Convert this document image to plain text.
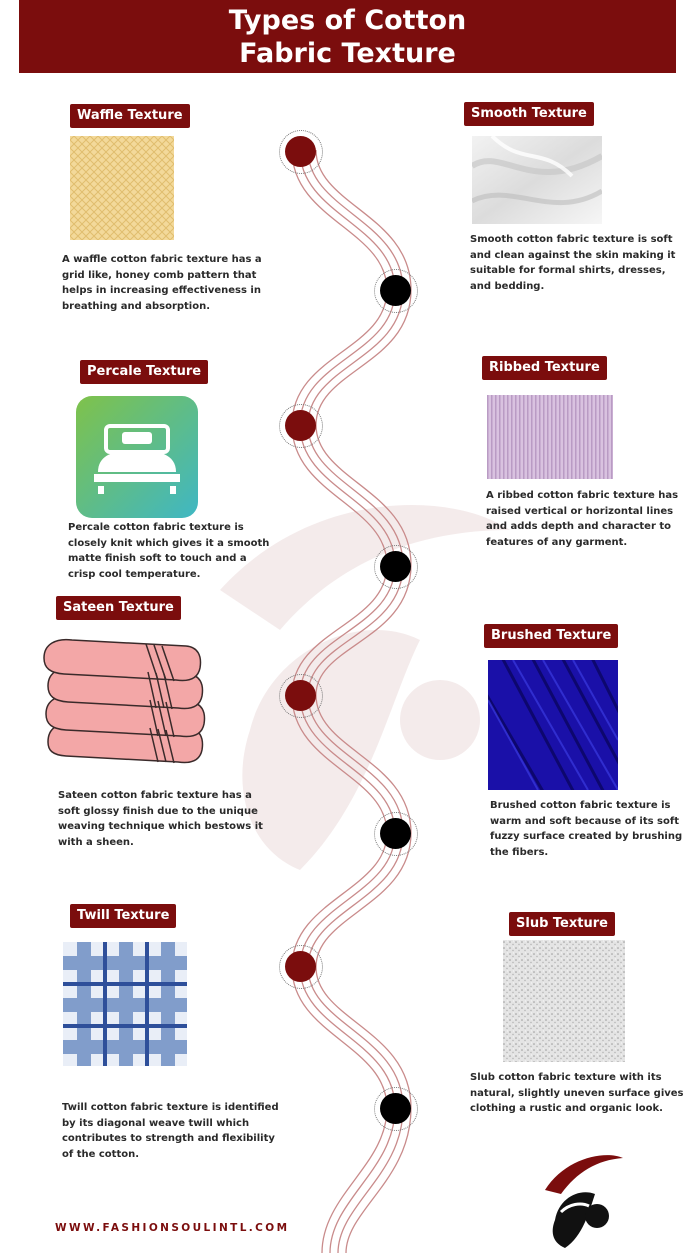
Types of Cotton
Fabric Texture
Waffle Texture
A waffle cotton fabric texture has a grid like, honey comb pattern that helps in increasing effectiveness in breathing and absorption.
Smooth Texture
Smooth cotton fabric texture is soft and clean against the skin making it suitable for formal shirts, dresses, and bedding.
Percale Texture
Percale cotton fabric texture is closely knit which gives it a smooth matte finish soft to touch and a crisp cool temperature.
Ribbed Texture
A ribbed cotton fabric texture has raised vertical or horizontal lines and adds depth and character to features of any garment.
Sateen Texture
Sateen cotton fabric texture has a soft glossy finish due to the unique weaving technique which bestows it with a sheen.
Brushed Texture
Brushed cotton fabric texture is warm and soft because of its soft fuzzy surface created by brushing the fibers.
Twill Texture
Twill cotton fabric texture is identified by its diagonal weave twill which contributes to strength and flexibility of the cotton.
Slub Texture
Slub cotton fabric texture with its natural, slightly uneven surface gives clothing a rustic and organic look.
WWW.FASHIONSOULINTL.COM
